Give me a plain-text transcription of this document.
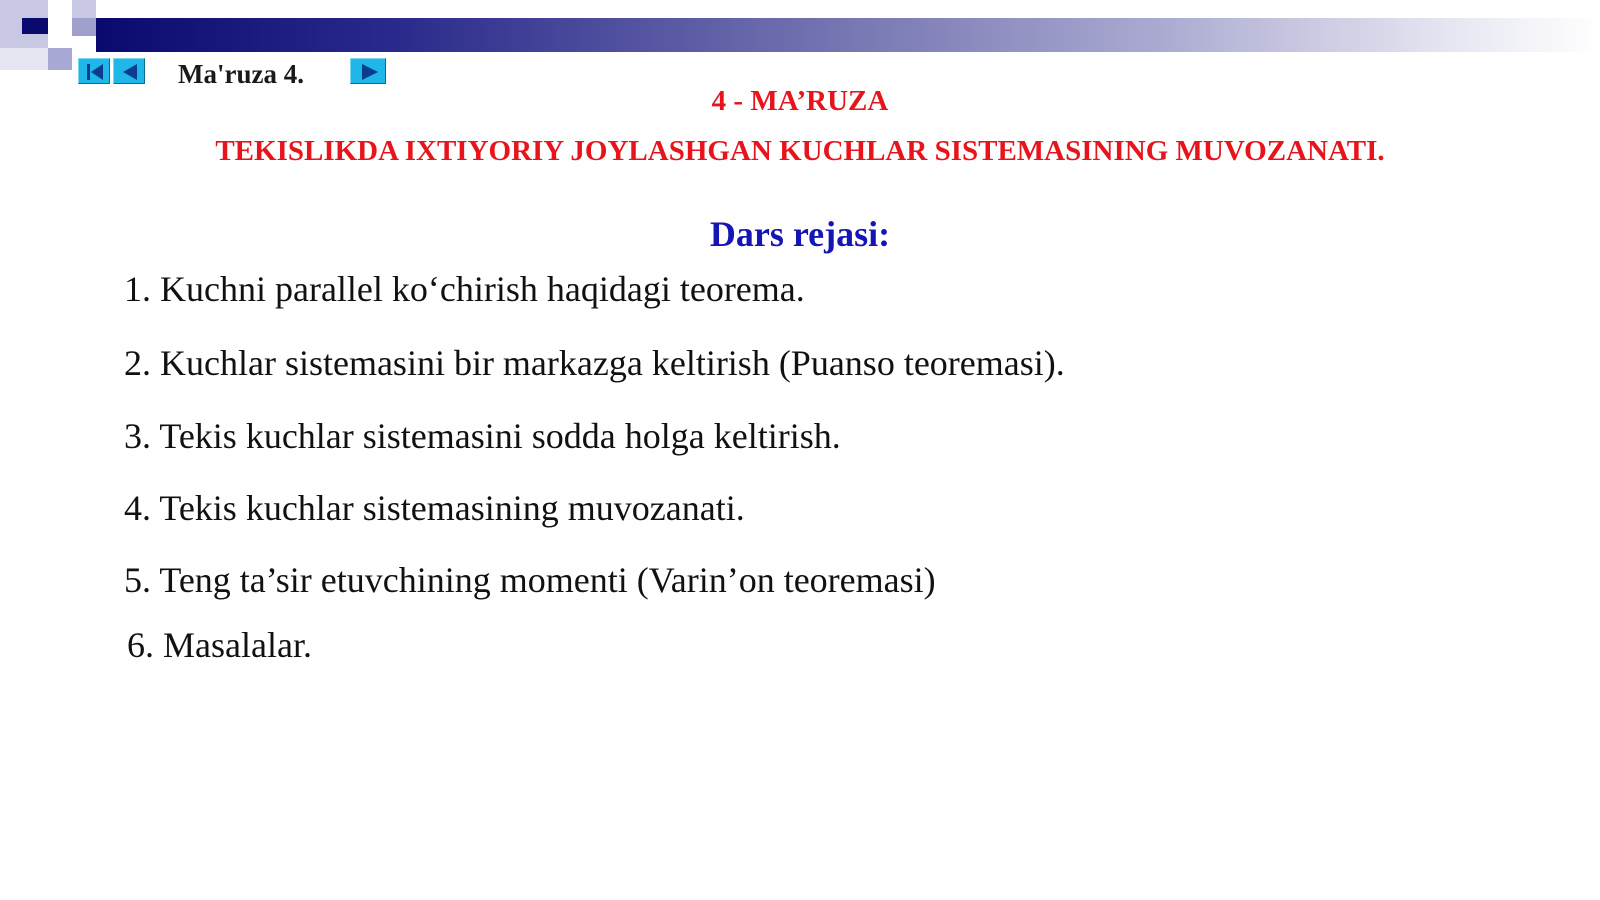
Ma'ruza 4.
4 - MA’RUZA
TEKISLIKDA IXTIYORIY JOYLASHGAN KUCHLAR SISTEMASINING MUVOZANATI.
Dars rejasi:
1. Kuchni parallel ko‘chirish haqidagi teorema.
2. Kuchlar sistemasini bir markazga keltirish (Puanso teoremasi).
3. Tekis kuchlar sistemasini sodda holga keltirish.
4. Tekis kuchlar sistemasining muvozanati.
5. Teng ta’sir etuvchining momenti (Varin’on teoremasi)
6. Masalalar.
